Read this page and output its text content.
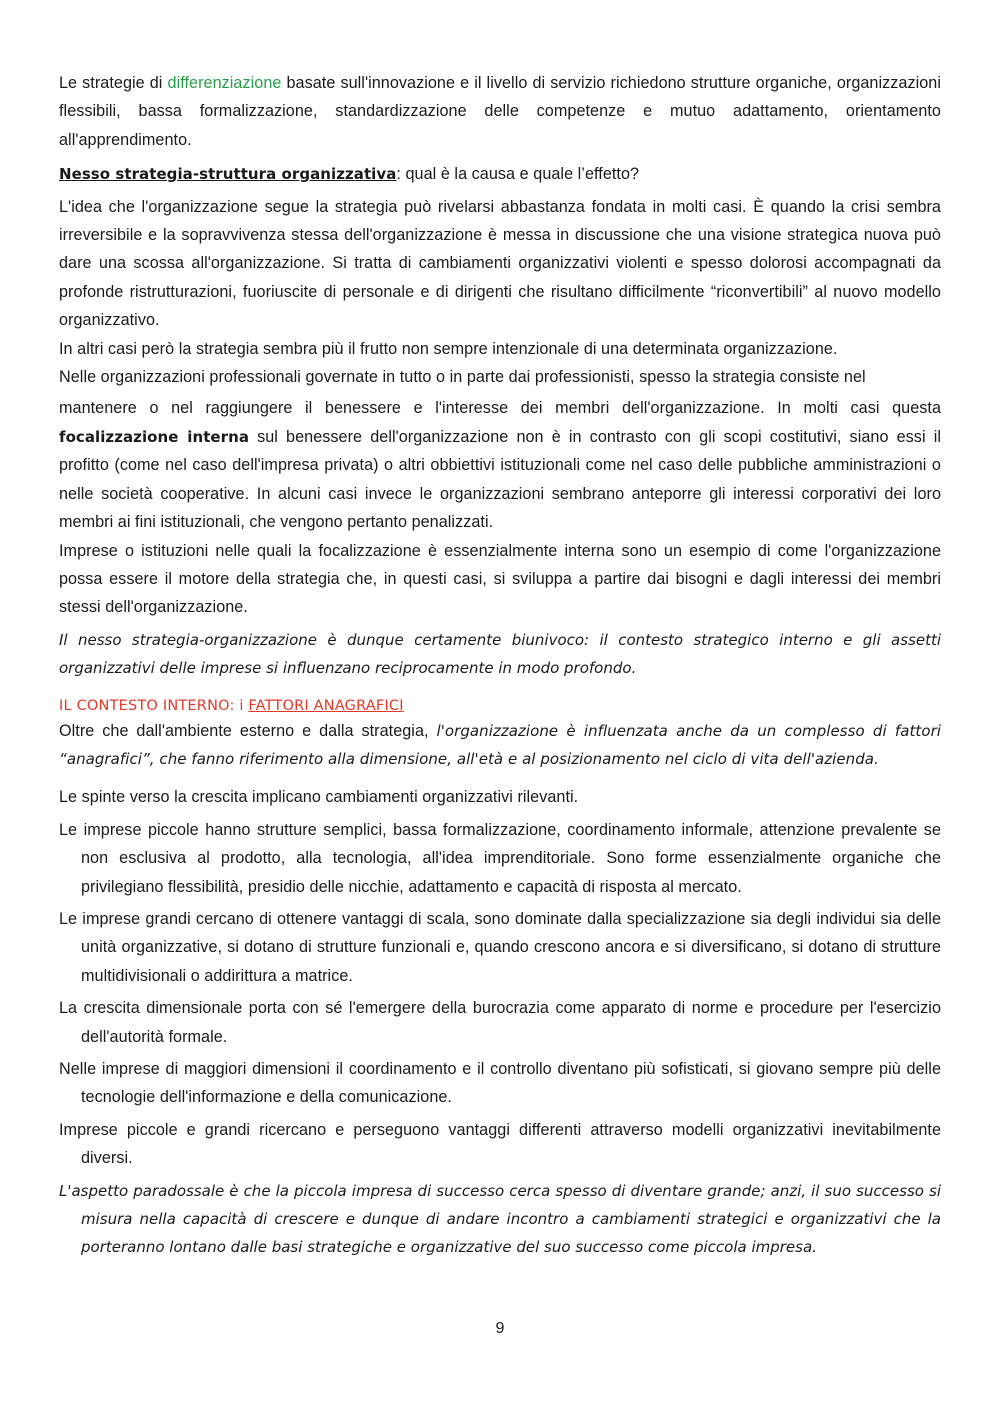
Le strategie di differenziazione basate sull'innovazione e il livello di servizio richiedono strutture organiche, organizzazioni flessibili, bassa formalizzazione, standardizzazione delle competenze e mutuo adattamento, orientamento all'apprendimento.

Nesso strategia-struttura organizzativa: qual è la causa e quale l’effetto?

L'idea che l'organizzazione segue la strategia può rivelarsi abbastanza fondata in molti casi. È quando la crisi sembra irreversibile e la sopravvivenza stessa dell'organizzazione è messa in discussione che una visione strategica nuova può dare una scossa all'organizzazione. Si tratta di cambiamenti organizzativi violenti e spesso dolorosi accompagnati da profonde ristrutturazioni, fuoriuscite di personale e di dirigenti che risultano difficilmente “riconvertibili” al nuovo modello organizzativo.

In altri casi però la strategia sembra più il frutto non sempre intenzionale di una determinata organizzazione.

Nelle organizzazioni professionali governate in tutto o in parte dai professionisti, spesso la strategia consiste nel

mantenere o nel raggiungere il benessere e l'interesse dei membri dell'organizzazione. In molti casi questa

focalizzazione interna sul benessere dell'organizzazione non è in contrasto con gli scopi costitutivi, siano essi il profitto (come nel caso dell'impresa privata) o altri obbiettivi istituzionali come nel caso delle pubbliche amministrazioni o nelle società cooperative. In alcuni casi invece le organizzazioni sembrano anteporre gli interessi corporativi dei loro membri ai fini istituzionali, che vengono pertanto penalizzati.

Imprese o istituzioni nelle quali la focalizzazione è essenzialmente interna sono un esempio di come l'organizzazione possa essere il motore della strategia che, in questi casi, si sviluppa a partire dai bisogni e dagli interessi dei membri stessi dell'organizzazione.

Il nesso strategia-organizzazione è dunque certamente biunivoco: il contesto strategico interno e gli assetti organizzativi delle imprese si influenzano reciprocamente in modo profondo.

IL CONTESTO INTERNO: i FATTORI ANAGRAFICI

Oltre che dall'ambiente esterno e dalla strategia, l'organizzazione è influenzata anche da un complesso di fattori “anagrafici”, che fanno riferimento alla dimensione, all'età e al posizionamento nel ciclo di vita dell'azienda.

Le spinte verso la crescita implicano cambiamenti organizzativi rilevanti.

Le imprese piccole hanno strutture semplici, bassa formalizzazione, coordinamento informale, attenzione prevalente se non esclusiva al prodotto, alla tecnologia, all'idea imprenditoriale. Sono forme essenzialmente organiche che privilegiano flessibilità, presidio delle nicchie, adattamento e capacità di risposta al mercato.

Le imprese grandi cercano di ottenere vantaggi di scala, sono dominate dalla specializzazione sia degli individui sia delle unità organizzative, si dotano di strutture funzionali e, quando crescono ancora e si diversificano, si dotano di strutture multidivisionali o addirittura a matrice.

La crescita dimensionale porta con sé l'emergere della burocrazia come apparato di norme e procedure per l'esercizio dell'autorità formale.

Nelle imprese di maggiori dimensioni il coordinamento e il controllo diventano più sofisticati, si giovano sempre più delle tecnologie dell'informazione e della comunicazione.

Imprese piccole e grandi ricercano e perseguono vantaggi differenti attraverso modelli organizzativi inevitabilmente diversi.

L'aspetto paradossale è che la piccola impresa di successo cerca spesso di diventare grande; anzi, il suo successo si misura nella capacità di crescere e dunque di andare incontro a cambiamenti strategici e organizzativi che la porteranno lontano dalle basi strategiche e organizzative del suo successo come piccola impresa.

9
